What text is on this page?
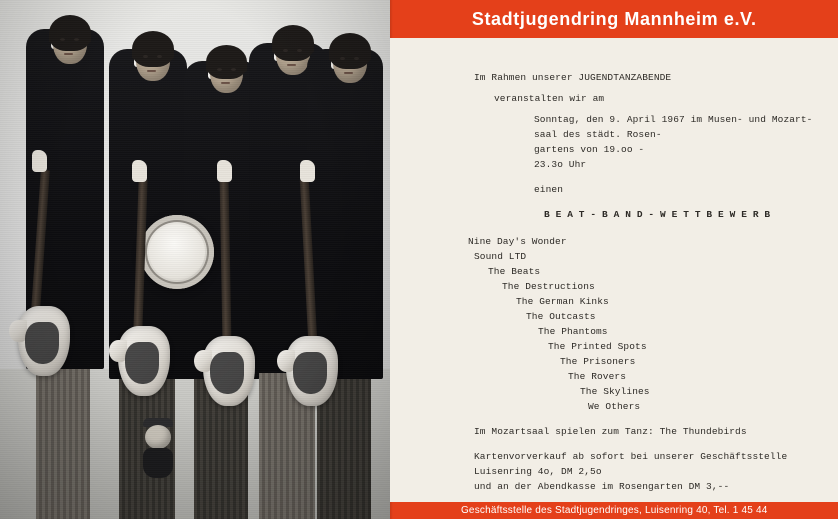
Stadtjugendring Mannheim e.V.
Im Rahmen unserer JUGENDTANZABENDE
veranstalten wir am
Sonntag, den 9. April 1967 im Musen- und Mozart-
saal des städt. Rosen-
gartens von 19.oo -
23.3o Uhr
einen
B E A T - B A N D - W E T T B E W E R B
Nine Day's Wonder
Sound LTD
The Beats
The Destructions
The German Kinks
The Outcasts
The Phantoms
The Printed Spots
The Prisoners
The Rovers
The Skylines
We Others
Im Mozartsaal spielen zum Tanz: The Thundebirds
Kartenvorverkauf ab sofort bei unserer Geschäftsstelle
Luisenring 4o, DM 2,5o
und an der Abendkasse im Rosengarten DM 3,--
Geschäftsstelle des Stadtjugendringes, Luisenring 40, Tel. 1 45 44
